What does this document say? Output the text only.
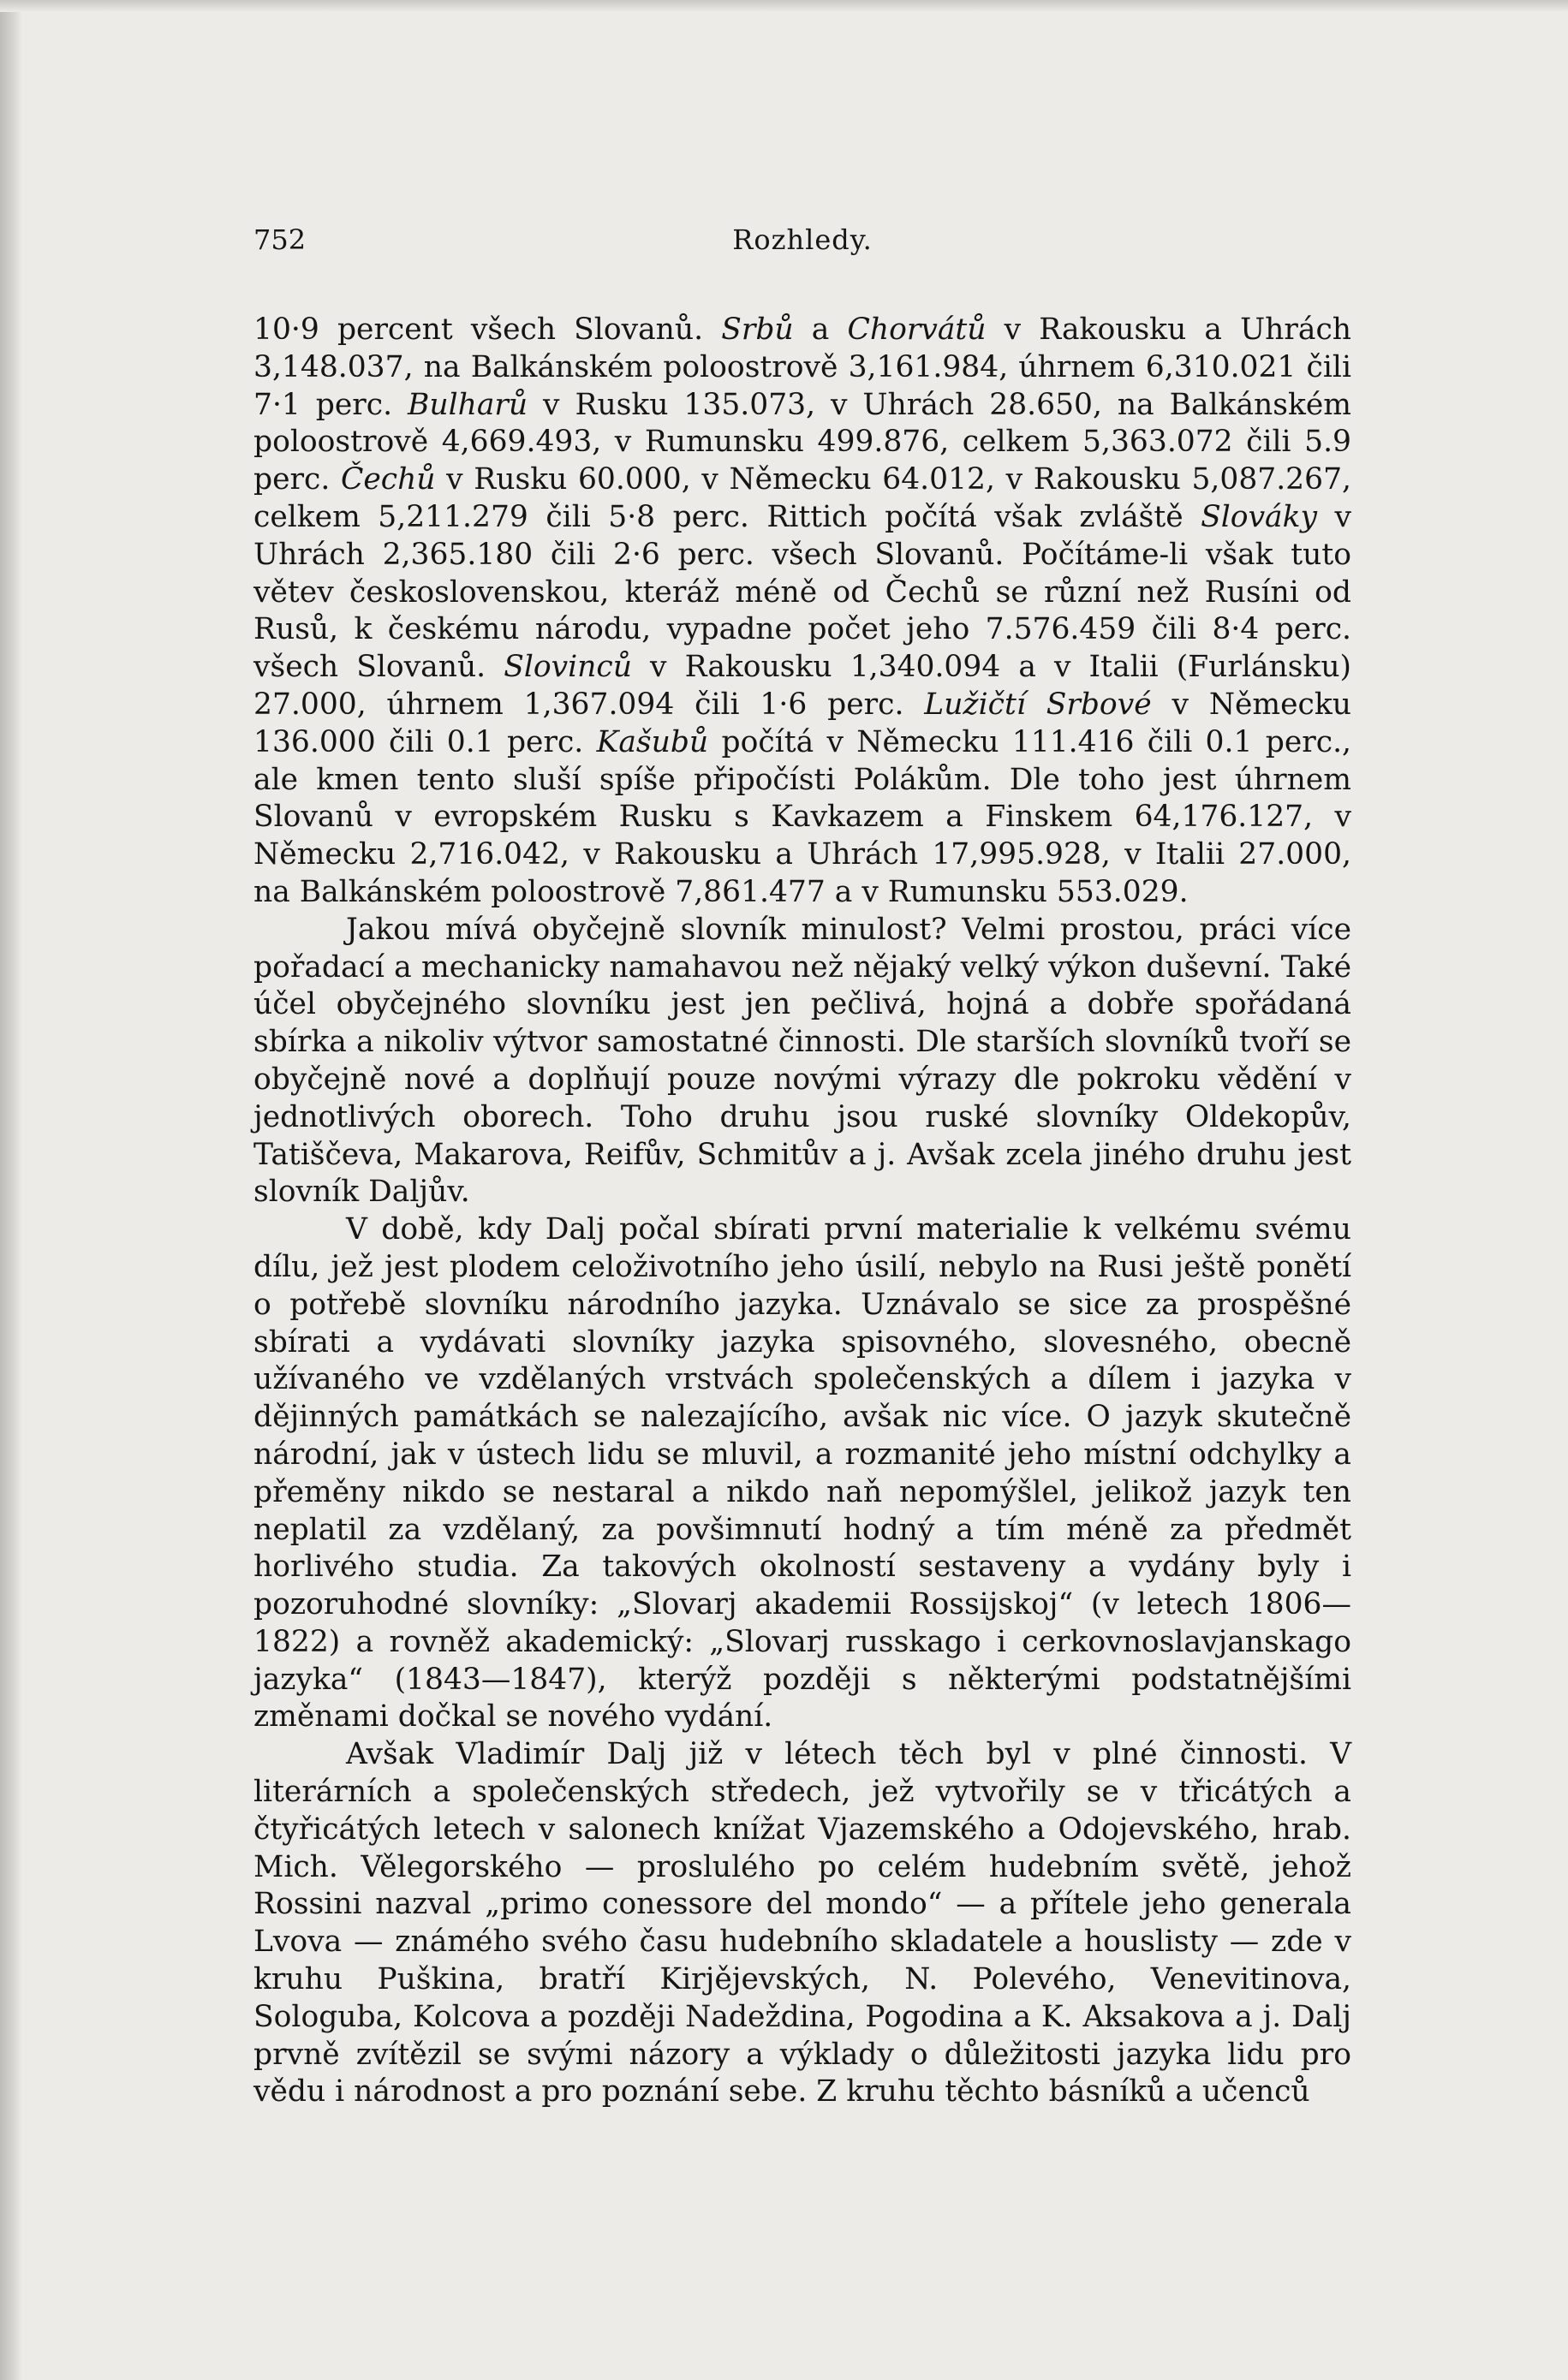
752	Rozhledy.

10·9 percent všech Slovanů. Srbů a Chorvátů v Rakousku a Uhrách 3,148.037, na Balkánském poloostrově 3,161.984, úhrnem 6,310.021 čili 7·1 perc. Bulharů v Rusku 135.073, v Uhrách 28.650, na Balkánském poloostrově 4,669.493, v Rumunsku 499.876, celkem 5,363.072 čili 5.9 perc. Čechů v Rusku 60.000, v Německu 64.012, v Rakousku 5,087.267, celkem 5,211.279 čili 5·8 perc. Rittich počítá však zvláště Slováky v Uhrách 2,365.180 čili 2·6 perc. všech Slovanů. Počítáme-li však tuto větev československou, kteráž méně od Čechů se různí než Rusíni od Rusů, k českému národu, vypadne počet jeho 7.576.459 čili 8·4 perc. všech Slovanů. Slovinců v Rakousku 1,340.094 a v Italii (Furlánsku) 27.000, úhrnem 1,367.094 čili 1·6 perc. Lužičtí Srbové v Německu 136.000 čili 0.1 perc. Kašubů počítá v Německu 111.416 čili 0.1 perc., ale kmen tento sluší spíše připočísti Polákům. Dle toho jest úhrnem Slovanů v evropském Rusku s Kavkazem a Finskem 64,176.127, v Německu 2,716.042, v Rakousku a Uhrách 17,995.928, v Italii 27.000, na Balkánském poloostrově 7,861.477 a v Rumunsku 553.029.

Jakou mívá obyčejně slovník minulost? Velmi prostou, práci více pořadací a mechanicky namahavou než nějaký velký výkon duševní. Také účel obyčejného slovníku jest jen pečlivá, hojná a dobře spořádaná sbírka a nikoliv výtvor samostatné činnosti. Dle starších slovníků tvoří se obyčejně nové a doplňují pouze novými výrazy dle pokroku vědění v jednotlivých oborech. Toho druhu jsou ruské slovníky Oldekopův, Tatiščeva, Makarova, Reifův, Schmitův a j. Avšak zcela jiného druhu jest slovník Daljův.

V době, kdy Dalj počal sbírati první materialie k velkému svému dílu, jež jest plodem celoživotního jeho úsilí, nebylo na Rusi ještě ponětí o potřebě slovníku národního jazyka. Uznávalo se sice za prospěšné sbírati a vydávati slovníky jazyka spisovného, slovesného, obecně užívaného ve vzdělaných vrstvách společenských a dílem i jazyka v dějinných památkách se nalezajícího, avšak nic více. O jazyk skutečně národní, jak v ústech lidu se mluvil, a rozmanité jeho místní odchylky a přeměny nikdo se nestaral a nikdo naň nepomýšlel, jelikož jazyk ten neplatil za vzdělaný, za povšimnutí hodný a tím méně za předmět horlivého studia. Za takových okolností sestaveny a vydány byly i pozoruhodné slovníky: „Slovarj akademii Rossijskoj“ (v letech 1806—1822) a rovněž akademický: „Slovarj russkago i cerkovnoslavjanskago jazyka“ (1843—1847), kterýž později s některými podstatnějšími změnami dočkal se nového vydání.

Avšak Vladimír Dalj již v létech těch byl v plné činnosti. V literárních a společenských středech, jež vytvořily se v třicátých a čtyřicátých letech v salonech knížat Vjazemského a Odojevského, hrab. Mich. Vělegorského — proslulého po celém hudebním světě, jehož Rossini nazval „primo conessore del mondo“ — a přítele jeho generala Lvova — známého svého času hudebního skladatele a houslisty — zde v kruhu Puškina, bratří Kirjějevských, N. Polevého, Venevitinova, Sologuba, Kolcova a později Nadeždina, Pogodina a K. Aksakova a j. Dalj prvně zvítězil se svými názory a výklady o důležitosti jazyka lidu pro vědu i národnost a pro poznání sebe. Z kruhu těchto básníků a učenců
